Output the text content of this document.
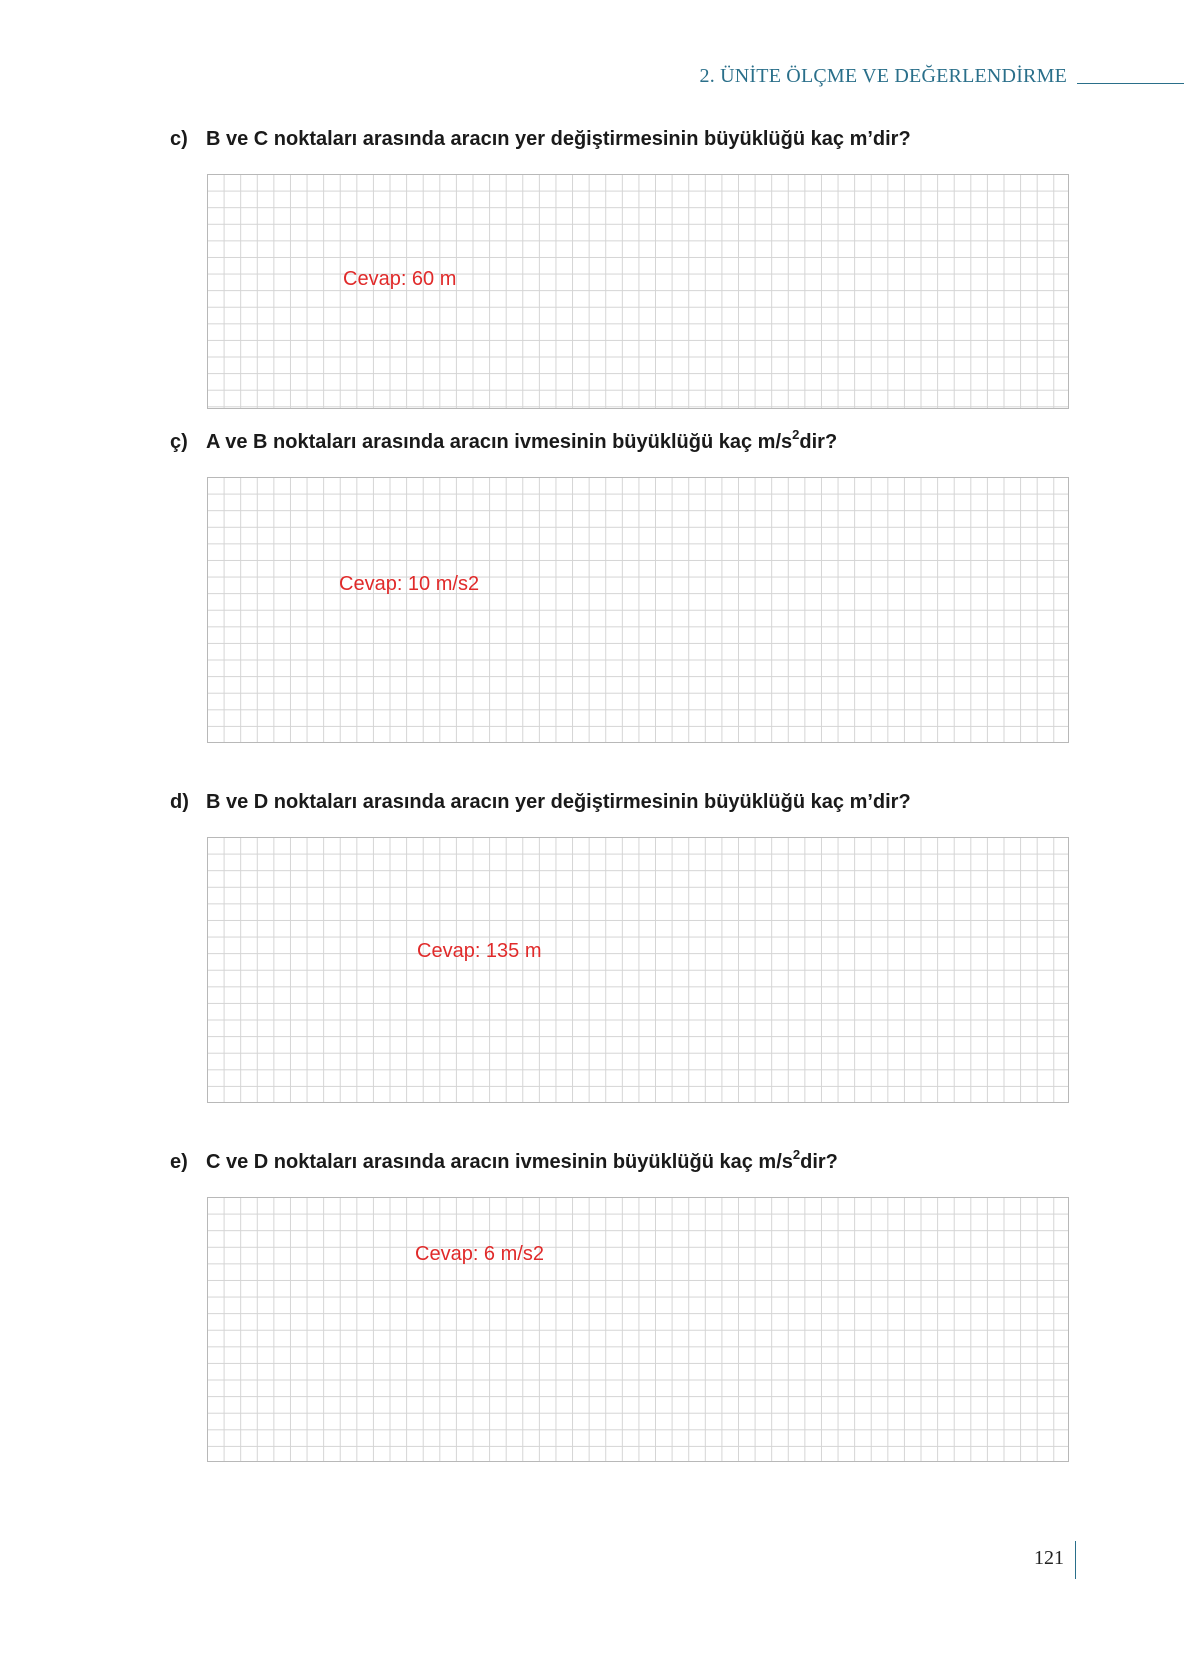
2. ÜNİTE ÖLÇME VE DEĞERLENDİRME
c) B ve C noktaları arasında aracın yer değiştirmesinin büyüklüğü kaç m’dir?
Cevap: 60 m
ç) A ve B noktaları arasında aracın ivmesinin büyüklüğü kaç $m/s^2dir$?
Cevap: 10 m/s2
d) B ve D noktaları arasında aracın yer değiştirmesinin büyüklüğü kaç m’dir?
Cevap: 135 m
e) C ve D noktaları arasında aracın ivmesinin büyüklüğü kaç $m/s^2dir$?
Cevap: 6 m/s2
121
